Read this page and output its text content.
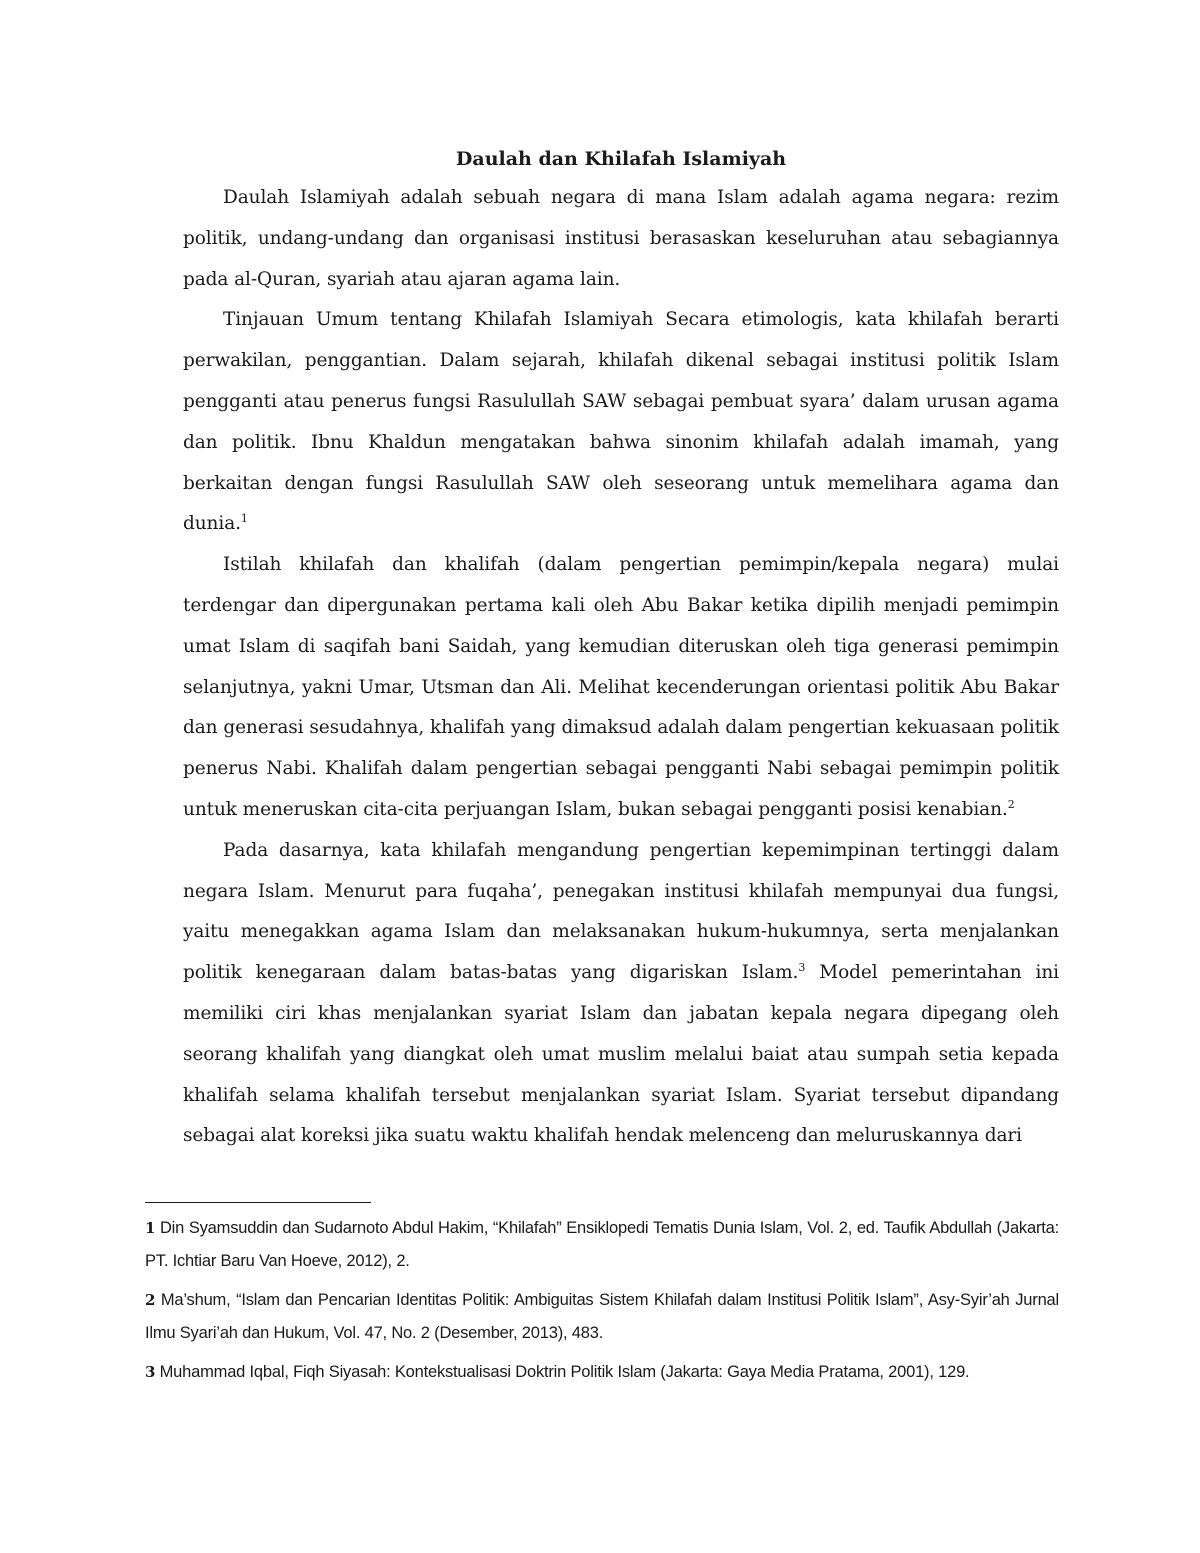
Daulah dan Khilafah Islamiyah

Daulah Islamiyah adalah sebuah negara di mana Islam adalah agama negara: rezim politik, undang-undang dan organisasi institusi berasaskan keseluruhan atau sebagiannya pada al-Quran, syariah atau ajaran agama lain.

Tinjauan Umum tentang Khilafah Islamiyah Secara etimologis, kata khilafah berarti perwakilan, penggantian. Dalam sejarah, khilafah dikenal sebagai institusi politik Islam pengganti atau penerus fungsi Rasulullah SAW sebagai pembuat syara’ dalam urusan agama dan politik. Ibnu Khaldun mengatakan bahwa sinonim khilafah adalah imamah, yang berkaitan dengan fungsi Rasulullah SAW oleh seseorang untuk memelihara agama dan dunia.$^1$

Istilah khilafah dan khalifah (dalam pengertian pemimpin/kepala negara) mulai terdengar dan dipergunakan pertama kali oleh Abu Bakar ketika dipilih menjadi pemimpin umat Islam di saqifah bani Saidah, yang kemudian diteruskan oleh tiga generasi pemimpin selanjutnya, yakni Umar, Utsman dan Ali. Melihat kecenderungan orientasi politik Abu Bakar dan generasi sesudahnya, khalifah yang dimaksud adalah dalam pengertian kekuasaan politik penerus Nabi. Khalifah dalam pengertian sebagai pengganti Nabi sebagai pemimpin politik untuk meneruskan cita-cita perjuangan Islam, bukan sebagai pengganti posisi kenabian.$^2$

Pada dasarnya, kata khilafah mengandung pengertian kepemimpinan tertinggi dalam negara Islam. Menurut para fuqaha’, penegakan institusi khilafah mempunyai dua fungsi, yaitu menegakkan agama Islam dan melaksanakan hukum-hukumnya, serta menjalankan politik kenegaraan dalam batas-batas yang digariskan Islam.$^3$ Model pemerintahan ini memiliki ciri khas menjalankan syariat Islam dan jabatan kepala negara dipegang oleh seorang khalifah yang diangkat oleh umat muslim melalui baiat atau sumpah setia kepada khalifah selama khalifah tersebut menjalankan syariat Islam. Syariat tersebut dipandang sebagai alat koreksi jika suatu waktu khalifah hendak melenceng dan meluruskannya dari

1 Din Syamsuddin dan Sudarnoto Abdul Hakim, “Khilafah” Ensiklopedi Tematis Dunia Islam, Vol. 2, ed. Taufik Abdullah (Jakarta: PT. Ichtiar Baru Van Hoeve, 2012), 2.

2 Ma’shum, “Islam dan Pencarian Identitas Politik: Ambiguitas Sistem Khilafah dalam Institusi Politik Islam”, Asy-Syir’ah Jurnal Ilmu Syari’ah dan Hukum, Vol. 47, No. 2 (Desember, 2013), 483.

3 Muhammad Iqbal, Fiqh Siyasah: Kontekstualisasi Doktrin Politik Islam (Jakarta: Gaya Media Pratama, 2001), 129.
